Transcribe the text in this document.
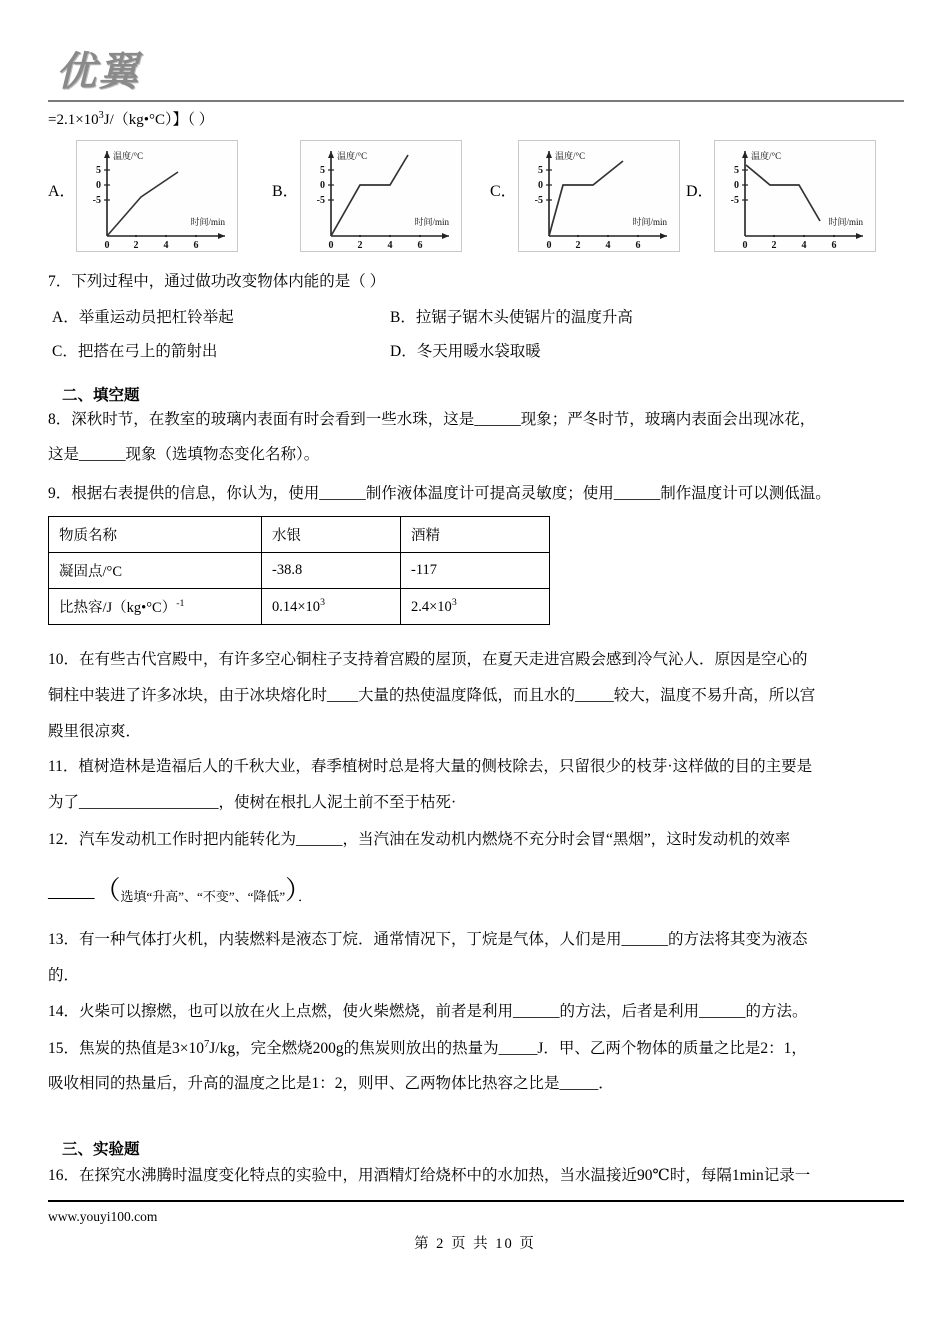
优翼
$=2.1\times 10^3J/(kg•^\circ C)$】（ ）
A．
温度/°C
时间/min
5
0
-5
0 2	4	6
B．
温度/°C
时间/min
5
0
-5
0 2	4	6
C．
温度/°C
时间/min
5
0
-5
0 2	4	6
D．
温度/°C
时间/min
5
0
-5
0 2	4	6
7．下列过程中，通过做功改变物体内能的是（ ）
A．举重运动员把杠铃举起	B．拉锯子锯木头使锯片的温度升高
C．把搭在弓上的箭射出	D．冬天用暖水袋取暖
二、填空题
8．深秋时节，在教室的玻璃内表面有时会看到一些水珠，这是______现象；严冬时节，玻璃内表面会出现冰花，
这是______现象（选填物态变化名称）。
9．根据右表提供的信息，你认为，使用______制作液体温度计可提高灵敏度；使用______制作温度计可以测低温。
物质名称	水银	酒精
凝固点/°C	-38.8	-117
比热容/J（kg•°C）$^{-1}$	$0.14\times 10^3$	$2.4\times 10^3$
10．在有些古代宫殿中，有许多空心铜柱子支持着宫殿的屋顶，在夏天走进宫殿会感到冷气沁人．原因是空心的
铜柱中装进了许多冰块，由于冰块熔化时____大量的热使温度降低，而且水的_____较大，温度不易升高，所以宫
殿里很凉爽．
11．植树造林是造福后人的千秋大业，春季植树时总是将大量的侧枝除去，只留很少的枝芽·这样做的目的主要是
为了__________________，使树在根扎人泥土前不至于枯死·
12．汽车发动机工作时把内能转化为______，当汽油在发动机内燃烧不充分时会冒“黑烟”，这时发动机的效率
$\_\_\_\_\_\_(_{选填“升高”、“不变”、“降低”})_.$
13．有一种气体打火机，内装燃料是液态丁烷．通常情况下，丁烷是气体，人们是用______的方法将其变为液态
的．
14．火柴可以擦燃，也可以放在火上点燃，使火柴燃烧，前者是利用______的方法，后者是利用______的方法。
15．焦炭的热值是$3\times 10^7J/kg$，完全燃烧200g的焦炭则放出的热量为_____J．甲、乙两个物体的质量之比是2：1，
吸收相同的热量后，升高的温度之比是1：2，则甲、乙两物体比热容之比是_____．
三、实验题
16．在探究水沸腾时温度变化特点的实验中，用酒精灯给烧杯中的水加热，当水温接近90℃时，每隔1min记录一
www.youyi100.com
第 2 页 共 10 页
